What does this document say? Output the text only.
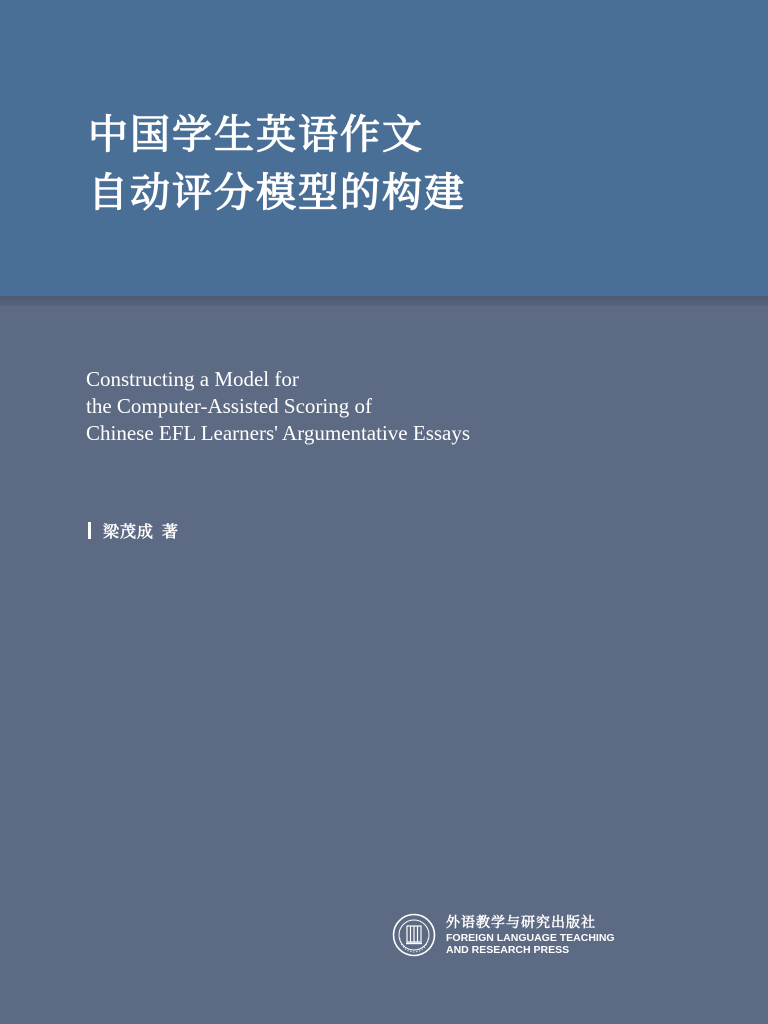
中国学生英语作文
自动评分模型的构建
Constructing a Model for
the Computer-Assisted Scoring of
Chinese EFL Learners' Argumentative Essays
梁茂成 著
外语教学与研究出版社
FOREIGN LANGUAGE TEACHING
AND RESEARCH PRESS
